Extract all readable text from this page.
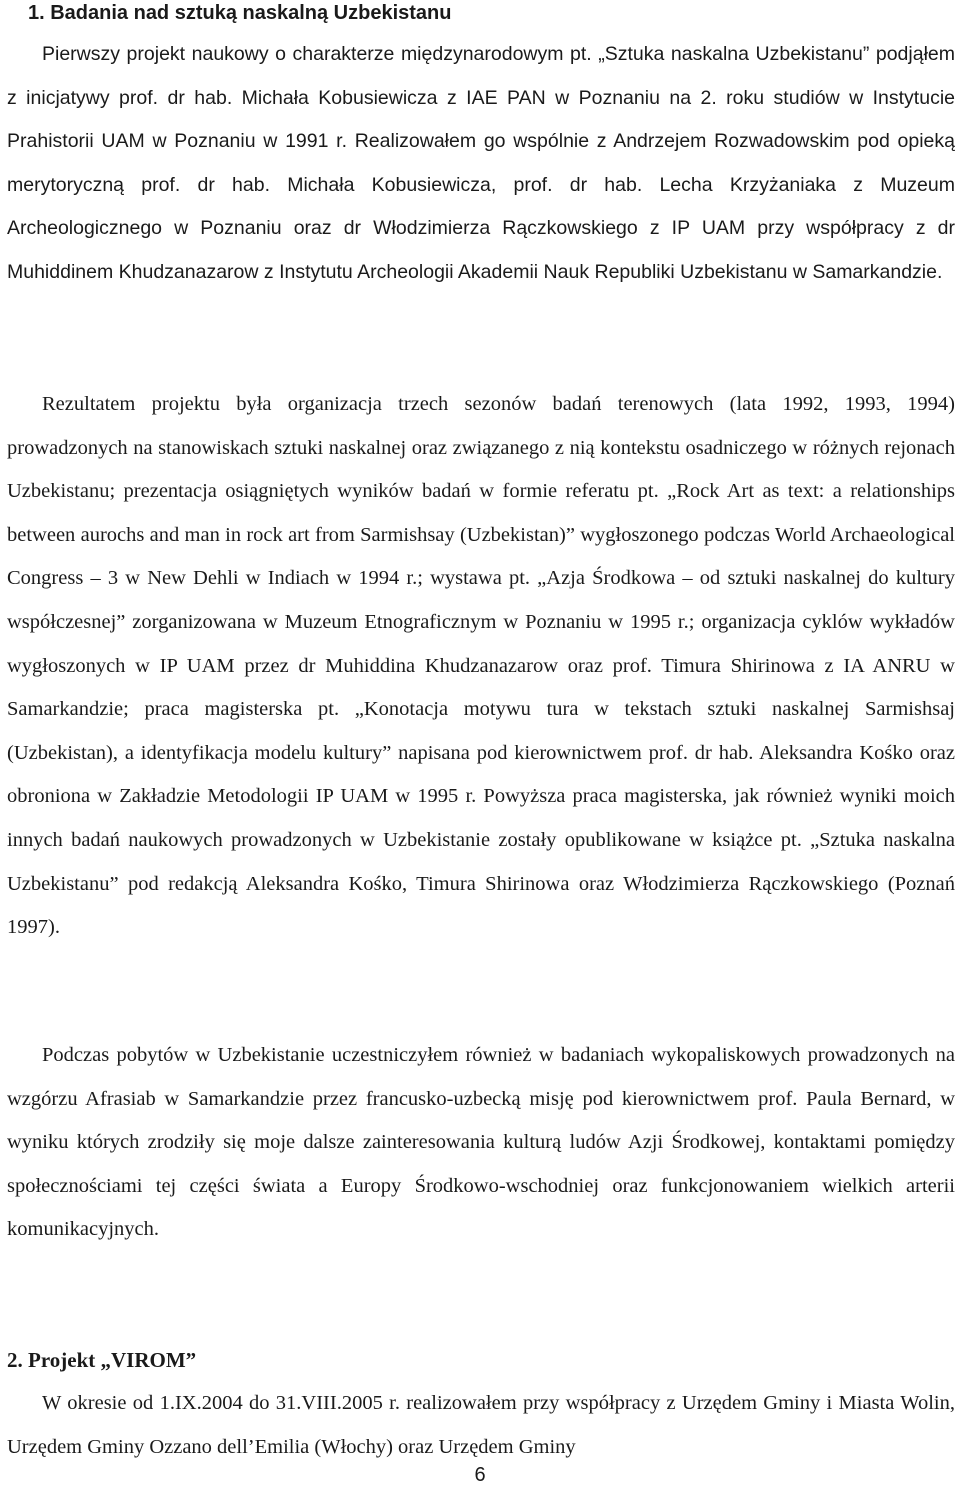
1. Badania nad sztuką naskalną Uzbekistanu

Pierwszy projekt naukowy o charakterze międzynarodowym pt. „Sztuka naskalna Uzbekistanu” podjąłem z inicjatywy prof. dr hab. Michała Kobusiewicza z IAE PAN w Poznaniu na 2. roku studiów w Instytucie Prahistorii UAM w Poznaniu w 1991 r. Realizowałem go wspólnie z Andrzejem Rozwadowskim pod opieką merytoryczną prof. dr hab. Michała Kobusiewicza, prof. dr hab. Lecha Krzyżaniaka z Muzeum Archeologicznego w Poznaniu oraz dr Włodzimierza Rączkowskiego z IP UAM przy współpracy z dr Muhiddinem Khudzanazarow z Instytutu Archeologii Akademii Nauk Republiki Uzbekistanu w Samarkandzie.

Rezultatem projektu była organizacja trzech sezonów badań terenowych (lata 1992, 1993, 1994) prowadzonych na stanowiskach sztuki naskalnej oraz związanego z nią kontekstu osadniczego w różnych rejonach Uzbekistanu; prezentacja osiągniętych wyników badań w formie referatu pt. „Rock Art as text: a relationships between aurochs and man in rock art from Sarmishsay (Uzbekistan)” wygłoszonego podczas World Archaeological Congress – 3 w New Dehli w Indiach w 1994 r.; wystawa pt. „Azja Środkowa – od sztuki naskalnej do kultury współczesnej” zorganizowana w Muzeum Etnograficznym w Poznaniu w 1995 r.; organizacja cyklów wykładów wygłoszonych w IP UAM przez dr Muhiddina Khudzanazarow oraz prof. Timura Shirinowa z IA ANRU w Samarkandzie; praca magisterska pt. „Konotacja motywu tura w tekstach sztuki naskalnej Sarmishsaj (Uzbekistan), a identyfikacja modelu kultury” napisana pod kierownictwem prof. dr hab. Aleksandra Kośko oraz obroniona w Zakładzie Metodologii IP UAM w 1995 r. Powyższa praca magisterska, jak również wyniki moich innych badań naukowych prowadzonych w Uzbekistanie zostały opublikowane w książce pt. „Sztuka naskalna Uzbekistanu” pod redakcją Aleksandra Kośko, Timura Shirinowa oraz Włodzimierza Rączkowskiego (Poznań 1997).

Podczas pobytów w Uzbekistanie uczestniczyłem również w badaniach wykopaliskowych prowadzonych na wzgórzu Afrasiab w Samarkandzie przez francusko-uzbecką misję pod kierownictwem prof. Paula Bernard, w wyniku których zrodziły się moje dalsze zainteresowania kulturą ludów Azji Środkowej, kontaktami pomiędzy społecznościami tej części świata a Europy Środkowo-wschodniej oraz funkcjonowaniem wielkich arterii komunikacyjnych.

2. Projekt „VIROM”

W okresie od 1.IX.2004 do 31.VIII.2005 r. realizowałem przy współpracy z Urzędem Gminy i Miasta Wolin, Urzędem Gminy Ozzano dell’Emilia (Włochy) oraz Urzędem Gminy

6
